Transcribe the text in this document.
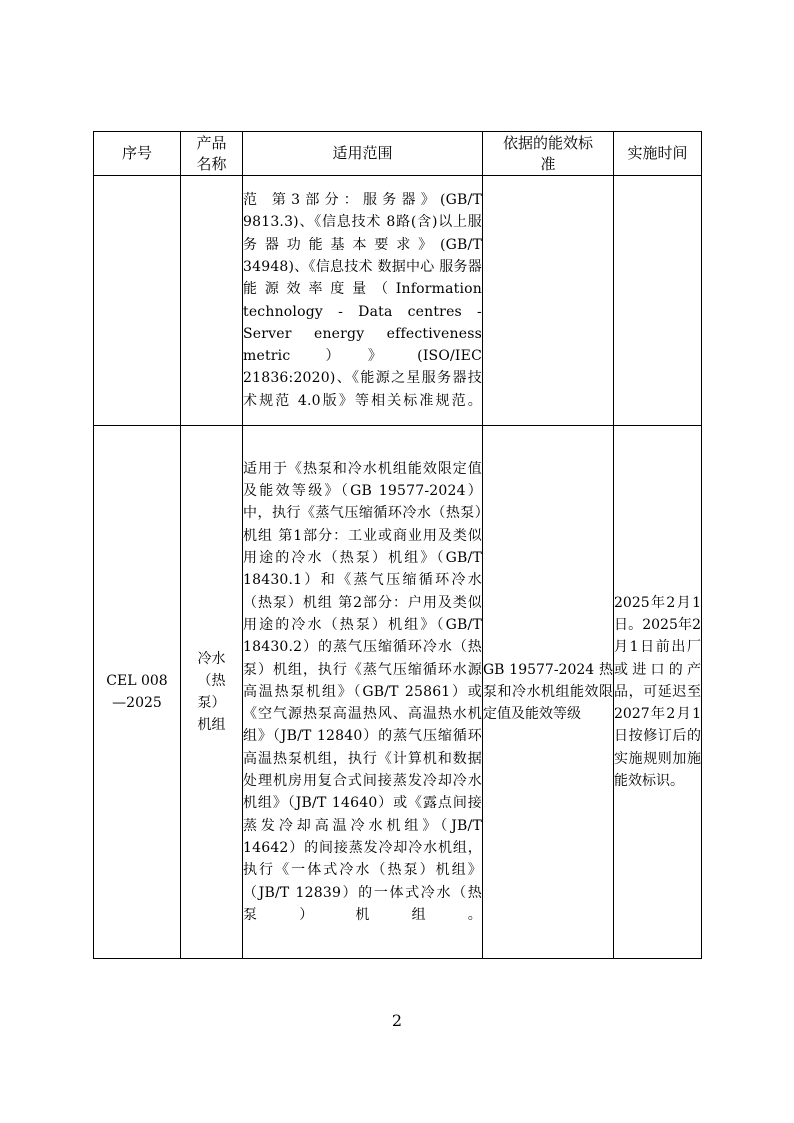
序号	产品名称	适用范围	依据的能效标准	实施时间

		范 第3部分：服务器》(GB/T 9813.3)、《信息技术 8路(含)以上服务器功能基本要求》(GB/T 34948)、《信息技术 数据中心 服务器能源效率度量（Information technology - Data centres - Server energy effectiveness metric）》(ISO/IEC 21836:2020)、《能源之星服务器技术规范 4.0版》等相关标准规范。		

CEL 008—2025	冷水（热泵）机组	适用于《热泵和冷水机组能效限定值及能效等级》（GB 19577-2024）中，执行《蒸气压缩循环冷水（热泵）机组 第1部分：工业或商业用及类似用途的冷水（热泵）机组》（GB/T 18430.1）和《蒸气压缩循环冷水（热泵）机组 第2部分：户用及类似用途的冷水（热泵）机组》（GB/T 18430.2）的蒸气压缩循环冷水（热泵）机组，执行《蒸气压缩循环水源高温热泵机组》（GB/T 25861）或《空气源热泵高温热风、高温热水机组》（JB/T 12840）的蒸气压缩循环高温热泵机组，执行《计算机和数据处理机房用复合式间接蒸发冷却冷水机组》（JB/T 14640）或《露点间接蒸发冷却高温冷水机组》（JB/T 14642）的间接蒸发冷却冷水机组，执行《一体式冷水（热泵）机组》（JB/T 12839）的一体式冷水（热泵）机组。	GB 19577-2024 热泵和冷水机组能效限定值及能效等级	2025年2月1日。2025年2月1日前出厂或进口的产品，可延迟至2027年2月1日按修订后的实施规则加施能效标识。
2
